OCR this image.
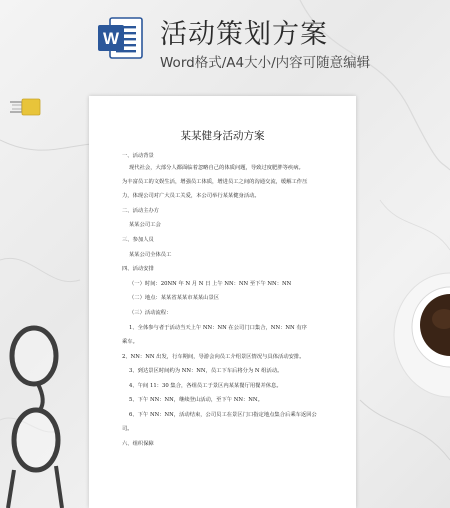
W 活动策划方案
Word格式/A4大小/内容可随意编辑
某某健身活动方案
一、活动背景
现代社会，大部分人都面临着忽略自己的体质问题，导致过度肥胖等疾病。
为丰富员工的文娱生活，增强员工体质，增进员工之间的沟通交流，缓解工作压
力，体现公司对广大员工关爱，本公司举行某某健身活动。
二、活动主办方
某某公司工会
三、参加人员
某某公司全体员工
四、活动安排
（一）时间：20NN 年 N 月 N 日 上午 NN：NN 至下午 NN：NN
（二）地点：某某省某某市某某山景区
（三）活动流程：
1、全体参与者于活动当天上午 NN：NN 在公司门口集合，NN：NN 有序
乘车。
2、NN：NN 出发，行车期间，导游会向员工介绍景区情况与具体活动安排。
3、到达景区时间约为 NN：NN，员工下车后将分为 N 组活动。
4、午间 11：30 集合，各组员工于景区内某某餐厅用餐并休息。
5、下午 NN：NN，继续登山活动，至下午 NN：NN。
6、下午 NN：NN，活动结束，公司员工在景区门口指定地点集合后乘车返回公
司。
六、组织保障
